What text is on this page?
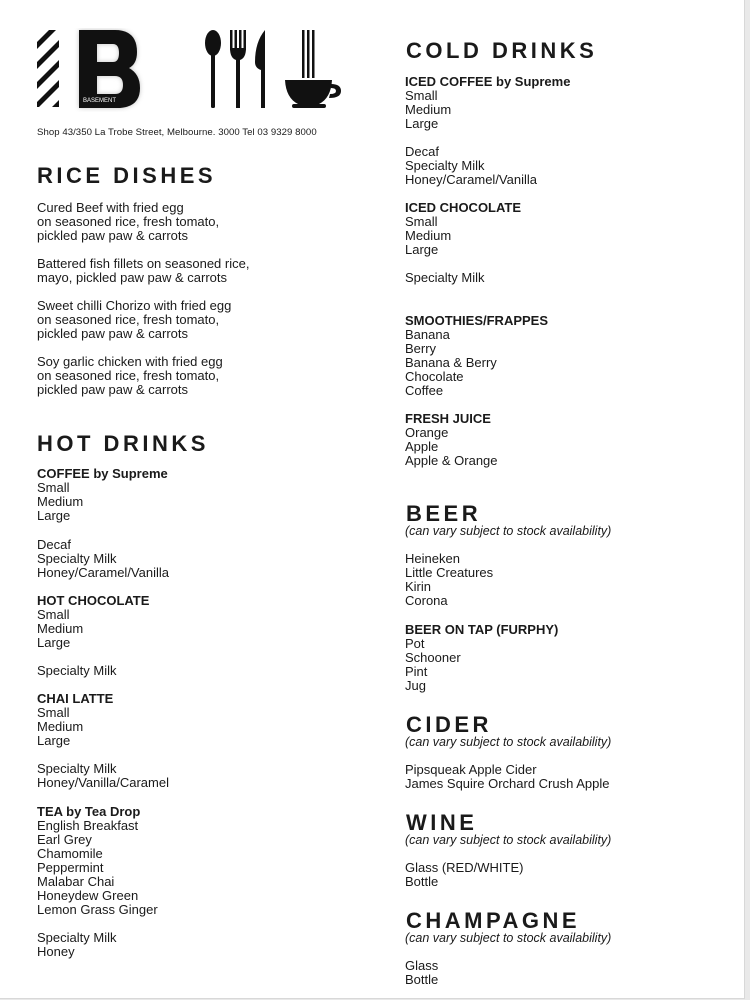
BASEMENT
Shop 43/350 La Trobe Street, Melbourne. 3000 Tel 03 9329 8000
RICE DISHES
Cured Beef with fried egg
on seasoned rice, fresh tomato,
pickled paw paw & carrots
Battered fish fillets on seasoned rice,
mayo, pickled paw paw & carrots
Sweet chilli Chorizo with fried egg
on seasoned rice, fresh tomato,
pickled paw paw & carrots
Soy garlic chicken with fried egg
on seasoned rice, fresh tomato,
pickled paw paw & carrots
HOT DRINKS
COFFEE by Supreme
Small
Medium
Large
Decaf
Specialty Milk
Honey/Caramel/Vanilla
HOT CHOCOLATE
Small
Medium
Large
Specialty Milk
CHAI LATTE
Small
Medium
Large
Specialty Milk
Honey/Vanilla/Caramel
TEA by Tea Drop
English Breakfast
Earl Grey
Chamomile
Peppermint
Malabar Chai
Honeydew Green
Lemon Grass Ginger
Specialty Milk
Honey
COLD DRINKS
ICED COFFEE by Supreme
Small
Medium
Large
Decaf
Specialty Milk
Honey/Caramel/Vanilla
ICED CHOCOLATE
Small
Medium
Large
Specialty Milk
SMOOTHIES/FRAPPES
Banana
Berry
Banana & Berry
Chocolate
Coffee
FRESH JUICE
Orange
Apple
Apple & Orange
BEER
(can vary subject to stock availability)
Heineken
Little Creatures
Kirin
Corona
BEER ON TAP (FURPHY)
Pot
Schooner
Pint
Jug
CIDER
(can vary subject to stock availability)
Pipsqueak Apple Cider
James Squire Orchard Crush Apple
WINE
(can vary subject to stock availability)
Glass (RED/WHITE)
Bottle
CHAMPAGNE
(can vary subject to stock availability)
Glass
Bottle
